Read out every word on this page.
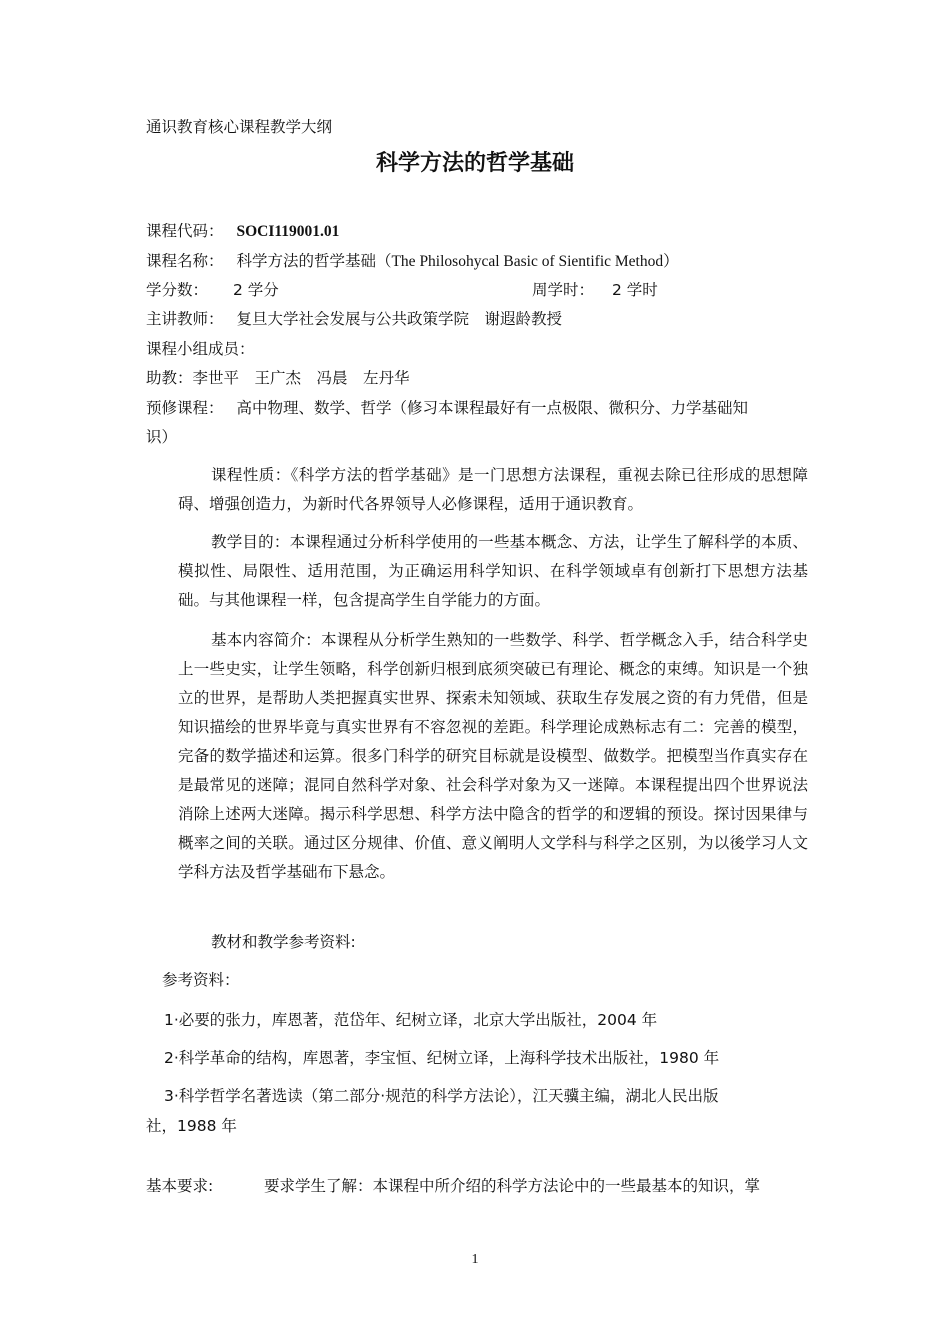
通识教育核心课程教学大纲
科学方法的哲学基础
课程代码： SOCI119001.01
课程名称： 科学方法的哲学基础（The Philosohycal Basic of Sientific Method）
学分数： 2 学分	周学时： 2 学时
主讲教师： 复旦大学社会发展与公共政策学院　谢遐龄教授
课程小组成员：
助教：李世平　王广杰　冯晨　左丹华
预修课程： 高中物理、数学、哲学（修习本课程最好有一点极限、微积分、力学基础知
识）
课程性质：《科学方法的哲学基础》是一门思想方法课程，重视去除已往形成的思想障碍、增强创造力，为新时代各界领导人必修课程，适用于通识教育。
教学目的：本课程通过分析科学使用的一些基本概念、方法，让学生了解科学的本质、模拟性、局限性、适用范围，为正确运用科学知识、在科学领域卓有创新打下思想方法基础。与其他课程一样，包含提高学生自学能力的方面。
基本内容简介：本课程从分析学生熟知的一些数学、科学、哲学概念入手，结合科学史上一些史实，让学生领略，科学创新归根到底须突破已有理论、概念的束缚。知识是一个独立的世界，是帮助人类把握真实世界、探索未知领域、获取生存发展之资的有力凭借，但是知识描绘的世界毕竟与真实世界有不容忽视的差距。科学理论成熟标志有二：完善的模型，完备的数学描述和运算。很多门科学的研究目标就是设模型、做数学。把模型当作真实存在是最常见的迷障；混同自然科学对象、社会科学对象为又一迷障。本课程提出四个世界说法消除上述两大迷障。揭示科学思想、科学方法中隐含的哲学的和逻辑的预设。探讨因果律与概率之间的关联。通过区分规律、价值、意义阐明人文学科与科学之区别，为以後学习人文学科方法及哲学基础布下悬念。
教材和教学参考资料:
参考资料：
1·必要的张力，库恩著，范岱年、纪树立译，北京大学出版社，2004 年
2·科学革命的结构，库恩著，李宝恒、纪树立译，上海科学技术出版社，1980 年
3·科学哲学名著选读（第二部分·规范的科学方法论），江天骥主编，湖北人民出版
社，1988 年
基本要求:	要求学生了解：本课程中所介绍的科学方法论中的一些最基本的知识，掌
1
